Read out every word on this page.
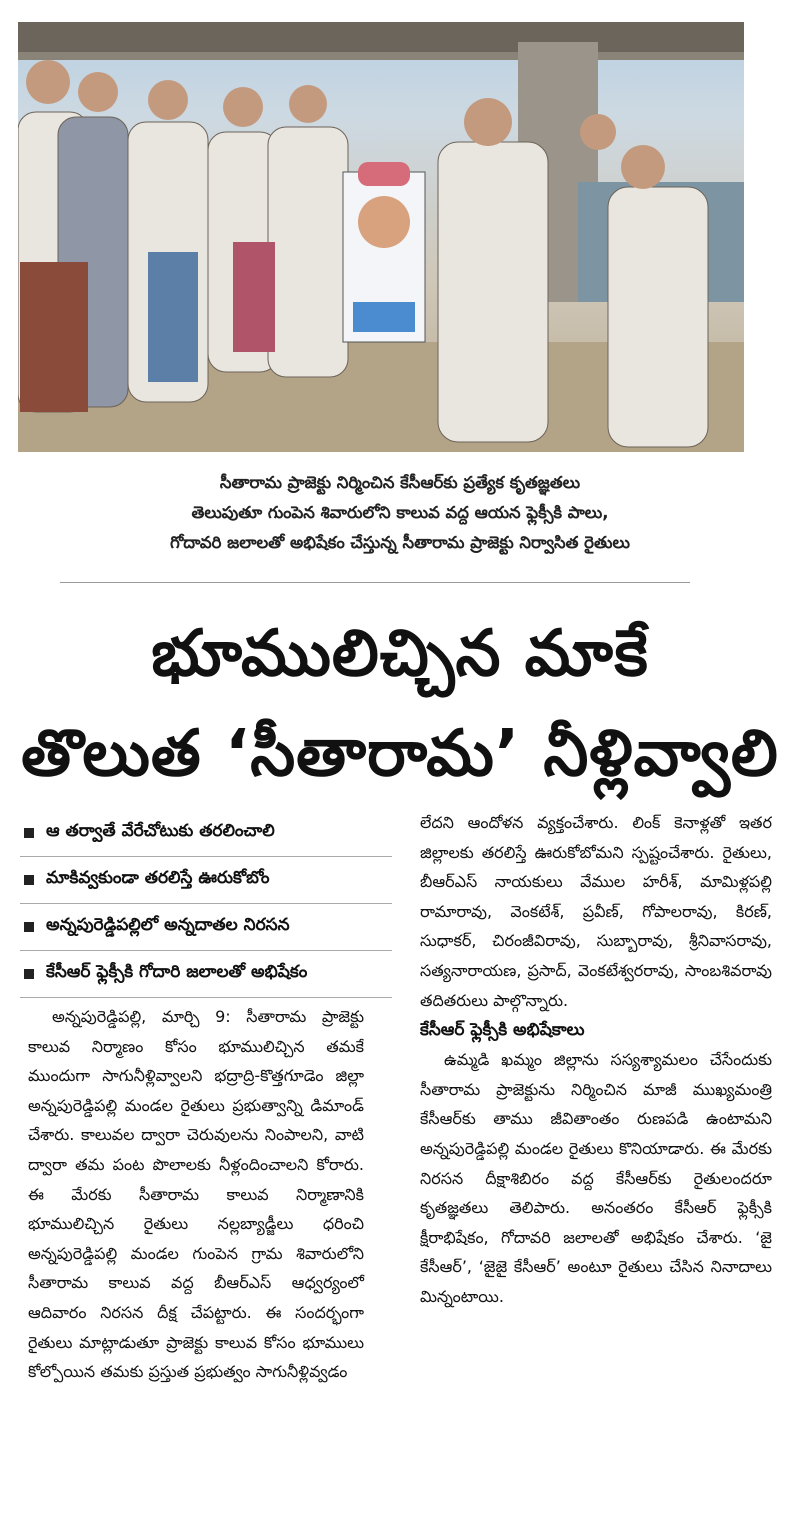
సీతారామ ప్రాజెక్టు నిర్మించిన కేసీఆర్‌కు ప్రత్యేక కృతజ్ఞతలు
తెలుపుతూ గుంపెన శివారులోని కాలువ వద్ద ఆయన ఫ్లెక్సీకి పాలు,
గోదావరి జలాలతో అభిషేకం చేస్తున్న సీతారామ ప్రాజెక్టు నిర్వాసిత రైతులు
భూములిచ్చిన మాకే
తొలుత ‘సీతారామ’ నీళ్లివ్వాలి
ఆ తర్వాతే వేరేచోటుకు తరలించాలి
మాకివ్వకుండా తరలిస్తే ఊరుకోబోం
అన్నపురెడ్డిపల్లిలో అన్నదాతల నిరసన
కేసీఆర్ ఫ్లెక్సీకి గోదారి జలాలతో అభిషేకం

అన్నపురెడ్డిపల్లి, మార్చి 9: సీతారామ ప్రాజెక్టు కాలువ నిర్మాణం కోసం భూములిచ్చిన తమకే ముందుగా సాగునీళ్లివ్వాలని భద్రాద్రి-కొత్తగూడెం జిల్లా అన్నపురెడ్డిపల్లి మండల రైతులు ప్రభుత్వాన్ని డిమాండ్ చేశారు. కాలువల ద్వారా చెరువులను నింపాలని, వాటి ద్వారా తమ పంట పొలాలకు నీళ్లందించాలని కోరారు. ఈ మేరకు సీతారామ కాలువ నిర్మాణానికి భూములిచ్చిన రైతులు నల్లబ్యాడ్జీలు ధరించి అన్నపురెడ్డిపల్లి మండల గుంపెన గ్రామ శివారులోని సీతారామ కాలువ వద్ద బీఆర్‌ఎస్ ఆధ్వర్యంలో ఆదివారం నిరసన దీక్ష చేపట్టారు. ఈ సందర్భంగా రైతులు మాట్లాడుతూ ప్రాజెక్టు కాలువ కోసం భూములు కోల్పోయిన తమకు ప్రస్తుత ప్రభుత్వం సాగునీళ్లివ్వడం

లేదని ఆందోళన వ్యక్తంచేశారు. లింక్ కెనాళ్లతో ఇతర జిల్లాలకు తరలిస్తే ఊరుకోబోమని స్పష్టంచేశారు. రైతులు, బీఆర్‌ఎస్ నాయకులు వేముల హరీశ్, మామిళ్లపల్లి రామారావు, వెంకటేశ్, ప్రవీణ్, గోపాలరావు, కిరణ్, సుధాకర్, చిరంజీవిరావు, సుబ్బారావు, శ్రీనివాసరావు, సత్యనారాయణ, ప్రసాద్, వెంకటేశ్వరరావు, సాంబశివరావు తదితరులు పాల్గొన్నారు.

కేసీఆర్ ఫ్లెక్సీకి అభిషేకాలు

ఉమ్మడి ఖమ్మం జిల్లాను సస్యశ్యామలం చేసేందుకు సీతారామ ప్రాజెక్టును నిర్మించిన మాజీ ముఖ్యమంత్రి కేసీఆర్‌కు తాము జీవితాంతం రుణపడి ఉంటామని అన్నపురెడ్డిపల్లి మండల రైతులు కొనియాడారు. ఈ మేరకు నిరసన దీక్షాశిబిరం వద్ద కేసీఆర్‌కు రైతులందరూ కృతజ్ఞతలు తెలిపారు. అనంతరం కేసీఆర్ ఫ్లెక్సీకి క్షీరాభిషేకం, గోదావరి జలాలతో అభిషేకం చేశారు. ‘జై కేసీఆర్’, ‘జైజై కేసీఆర్’ అంటూ రైతులు చేసిన నినాదాలు మిన్నంటాయి.
